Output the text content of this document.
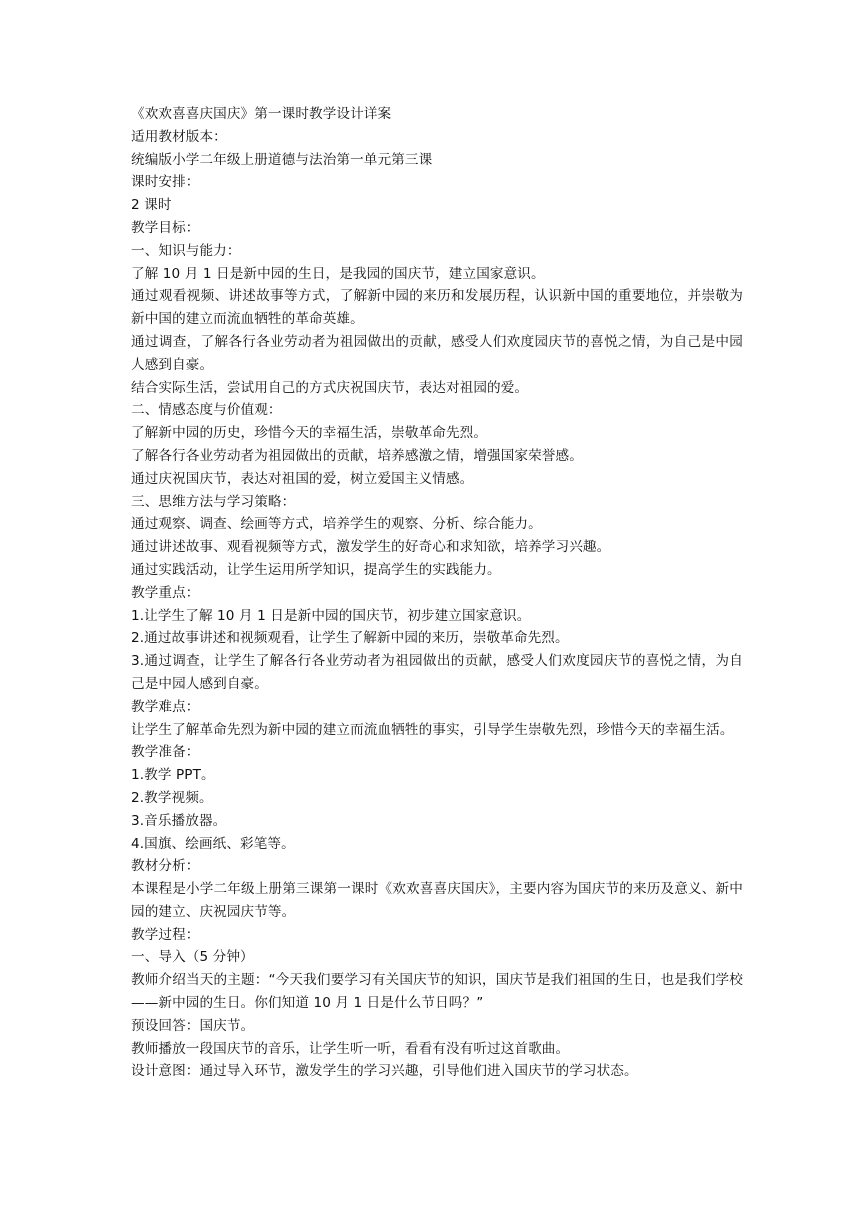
《欢欢喜喜庆国庆》第一课时教学设计详案
适用教材版本：
统编版小学二年级上册道德与法治第一单元第三课
课时安排：
2 课时
教学目标：
一、知识与能力：
了解 10 月 1 日是新中园的生日，是我园的国庆节，建立国家意识。
通过观看视频、讲述故事等方式，了解新中园的来历和发展历程，认识新中国的重要地位，并崇敬为新中国的建立而流血牺牲的革命英雄。
通过调查，了解各行各业劳动者为祖园做出的贡献，感受人们欢度园庆节的喜悦之情，为自己是中园人感到自豪。
结合实际生活，尝试用自己的方式庆祝国庆节，表达对祖园的爱。
二、情感态度与价值观：
了解新中园的历史，珍惜今天的幸福生活，崇敬革命先烈。
了解各行各业劳动者为祖园做出的贡献，培养感激之情，增强国家荣誉感。
通过庆祝国庆节，表达对祖国的爱，树立爱国主义情感。
三、思维方法与学习策略：
通过观察、调查、绘画等方式，培养学生的观察、分析、综合能力。
通过讲述故事、观看视频等方式，激发学生的好奇心和求知欲，培养学习兴趣。
通过实践活动，让学生运用所学知识，提高学生的实践能力。
教学重点：
1.让学生了解 10 月 1 日是新中园的国庆节，初步建立国家意识。
2.通过故事讲述和视频观看，让学生了解新中园的来历，崇敬革命先烈。
3.通过调查，让学生了解各行各业劳动者为祖园做出的贡献，感受人们欢度园庆节的喜悦之情，为自己是中园人感到自豪。
教学难点：
让学生了解革命先烈为新中园的建立而流血牺牲的事实，引导学生崇敬先烈，珍惜今天的幸福生活。
教学准备：
1.教学 PPT。
2.教学视频。
3.音乐播放器。
4.国旗、绘画纸、彩笔等。
教材分析：
本课程是小学二年级上册第三课第一课时《欢欢喜喜庆国庆》，主要内容为国庆节的来历及意义、新中园的建立、庆祝园庆节等。
教学过程：
一、导入（5 分钟）
教师介绍当天的主题：“今天我们要学习有关国庆节的知识，国庆节是我们祖国的生日，也是我们学校——新中园的生日。你们知道 10 月 1 日是什么节日吗？”
预设回答：国庆节。
教师播放一段国庆节的音乐，让学生听一听，看看有没有听过这首歌曲。
设计意图：通过导入环节，激发学生的学习兴趣，引导他们进入国庆节的学习状态。
